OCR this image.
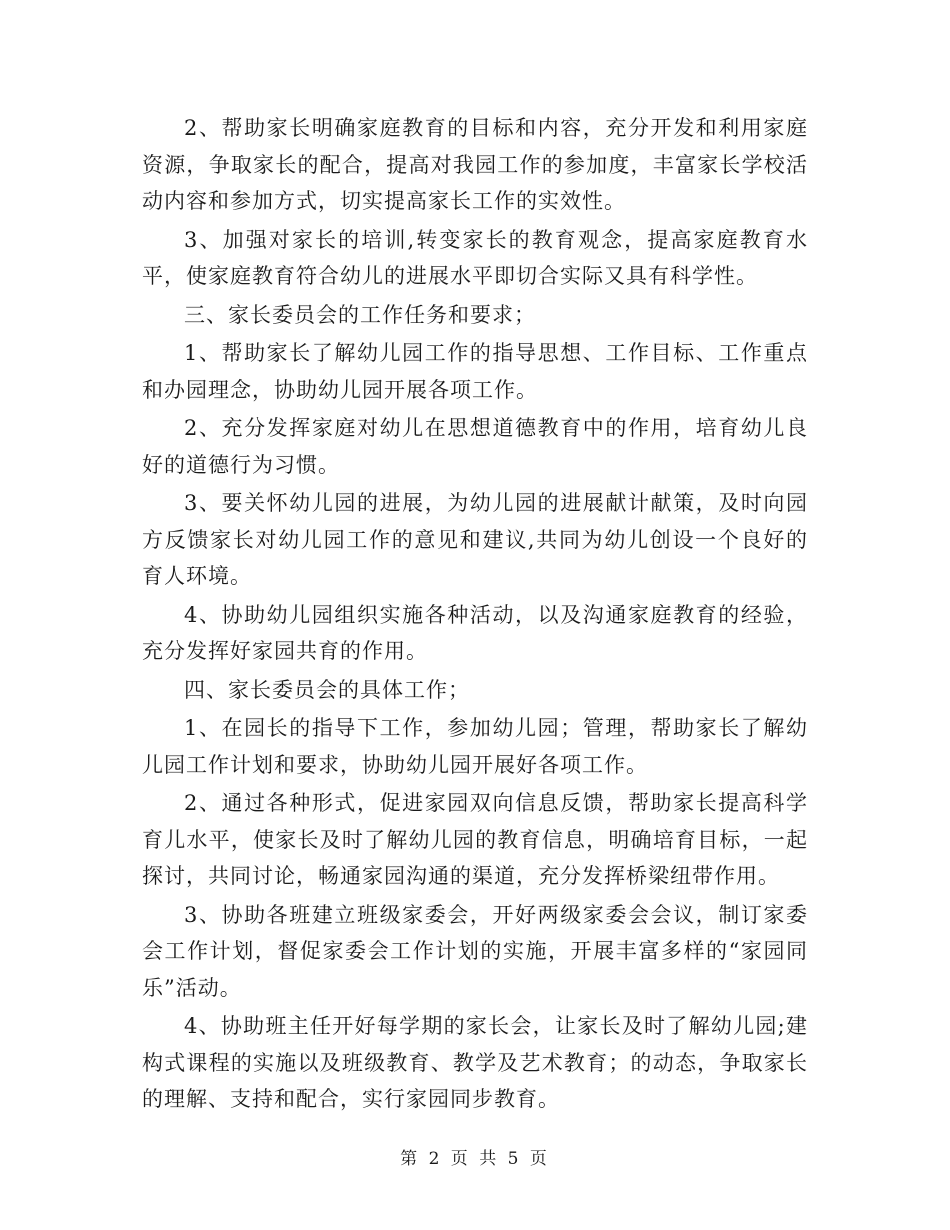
2、帮助家长明确家庭教育的目标和内容，充分开发和利用家庭资源，争取家长的配合，提高对我园工作的参加度，丰富家长学校活动内容和参加方式，切实提高家长工作的实效性。

3、加强对家长的培训,转变家长的教育观念，提高家庭教育水平，使家庭教育符合幼儿的进展水平即切合实际又具有科学性。

三、家长委员会的工作任务和要求；

1、帮助家长了解幼儿园工作的指导思想、工作目标、工作重点和办园理念，协助幼儿园开展各项工作。

2、充分发挥家庭对幼儿在思想道德教育中的作用，培育幼儿良好的道德行为习惯。

3、要关怀幼儿园的进展，为幼儿园的进展献计献策，及时向园方反馈家长对幼儿园工作的意见和建议,共同为幼儿创设一个良好的育人环境。

4、协助幼儿园组织实施各种活动，以及沟通家庭教育的经验，充分发挥好家园共育的作用。

四、家长委员会的具体工作；

1、在园长的指导下工作，参加幼儿园；管理，帮助家长了解幼儿园工作计划和要求，协助幼儿园开展好各项工作。

2、通过各种形式，促进家园双向信息反馈，帮助家长提高科学育儿水平，使家长及时了解幼儿园的教育信息，明确培育目标，一起探讨，共同讨论，畅通家园沟通的渠道，充分发挥桥梁纽带作用。

3、协助各班建立班级家委会，开好两级家委会会议，制订家委会工作计划，督促家委会工作计划的实施，开展丰富多样的“家园同乐”活动。

4、协助班主任开好每学期的家长会，让家长及时了解幼儿园;建构式课程的实施以及班级教育、教学及艺术教育；的动态，争取家长的理解、支持和配合，实行家园同步教育。

第 2 页 共 5 页
